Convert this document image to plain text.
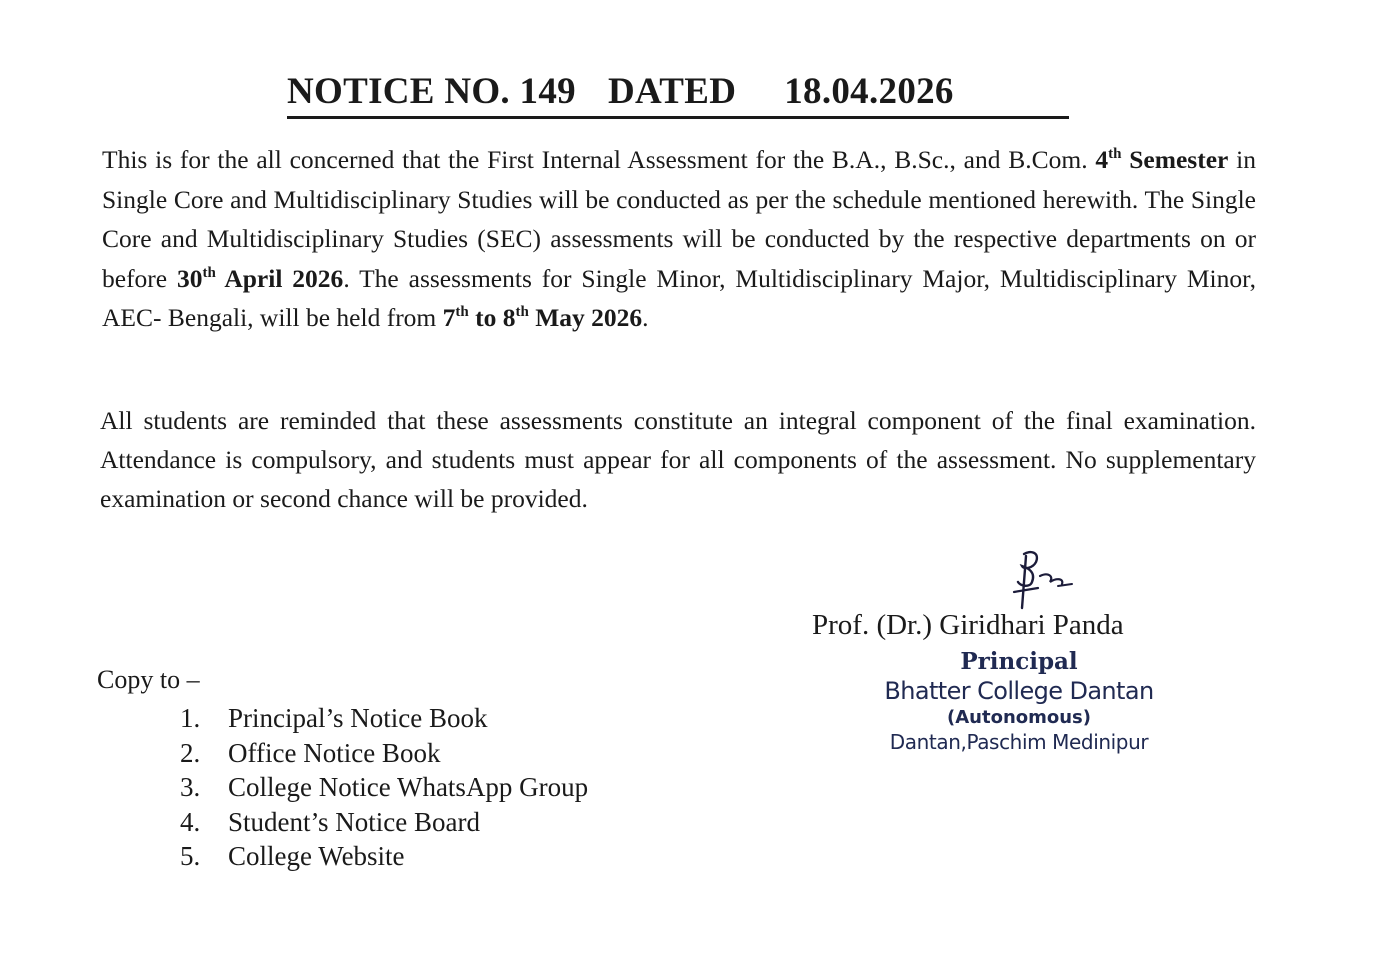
NOTICE NO. 149 DATED 18.04.2026
This is for the all concerned that the First Internal Assessment for the B.A., B.Sc., and B.Com. 4th Semester in Single Core and Multidisciplinary Studies will be conducted as per the schedule mentioned herewith. The Single Core and Multidisciplinary Studies (SEC) assessments will be conducted by the respective departments on or before 30th April 2026. The assessments for Single Minor, Multidisciplinary Major, Multidisciplinary Minor, AEC- Bengali, will be held from 7th to 8th May 2026.
All students are reminded that these assessments constitute an integral component of the final examination. Attendance is compulsory, and students must appear for all components of the assessment. No supplementary examination or second chance will be provided.
Prof. (Dr.) Giridhari Panda
Principal
Bhatter College Dantan
(Autonomous)
Dantan,Paschim Medinipur
Copy to –
1. Principal’s Notice Book
2. Office Notice Book
3. College Notice WhatsApp Group
4. Student’s Notice Board
5. College Website
